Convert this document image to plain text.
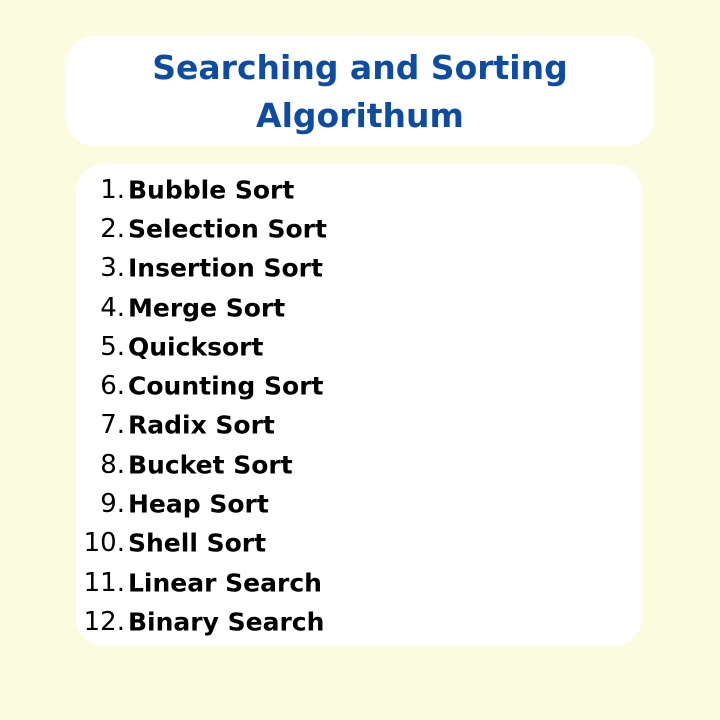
Searching and Sorting
Algorithum
1. Bubble Sort
2. Selection Sort
3. Insertion Sort
4. Merge Sort
5. Quicksort
6. Counting Sort
7. Radix Sort
8. Bucket Sort
9. Heap Sort
10. Shell Sort
11. Linear Search
12. Binary Search
